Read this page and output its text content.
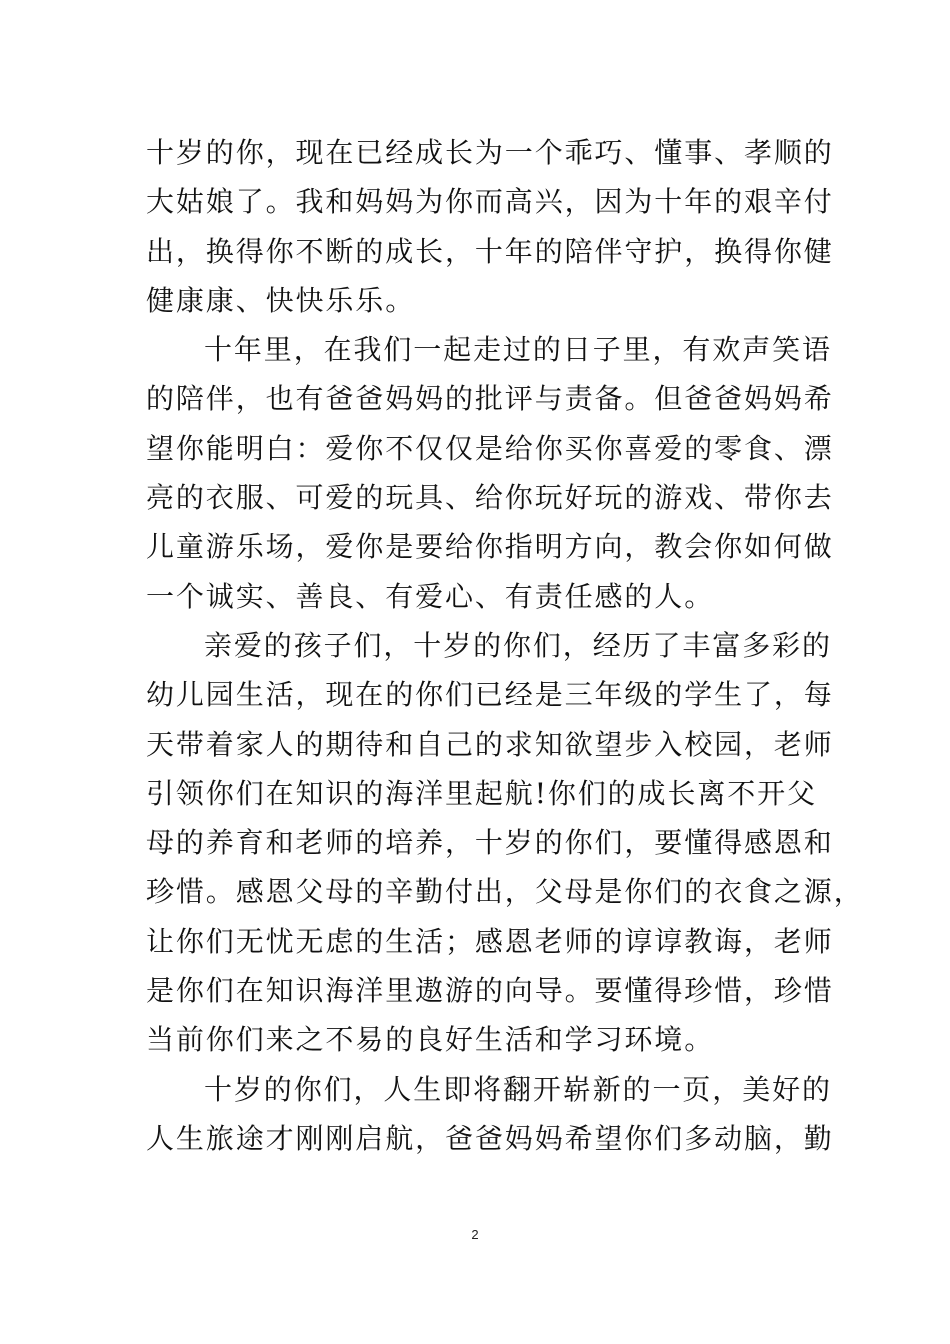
十岁的你，现在已经成长为一个乖巧、懂事、孝顺的
大姑娘了。我和妈妈为你而高兴，因为十年的艰辛付
出，换得你不断的成长，十年的陪伴守护，换得你健
健康康、快快乐乐。
十年里，在我们一起走过的日子里，有欢声笑语
的陪伴，也有爸爸妈妈的批评与责备。但爸爸妈妈希
望你能明白：爱你不仅仅是给你买你喜爱的零食、漂
亮的衣服、可爱的玩具、给你玩好玩的游戏、带你去
儿童游乐场，爱你是要给你指明方向，教会你如何做
一个诚实、善良、有爱心、有责任感的人。
亲爱的孩子们，十岁的你们，经历了丰富多彩的
幼儿园生活，现在的你们已经是三年级的学生了，每
天带着家人的期待和自己的求知欲望步入校园，老师
引领你们在知识的海洋里起航!你们的成长离不开父
母的养育和老师的培养，十岁的你们，要懂得感恩和
珍惜。感恩父母的辛勤付出，父母是你们的衣食之源，
让你们无忧无虑的生活；感恩老师的谆谆教诲，老师
是你们在知识海洋里遨游的向导。要懂得珍惜，珍惜
当前你们来之不易的良好生活和学习环境。
十岁的你们，人生即将翻开崭新的一页，美好的
人生旅途才刚刚启航，爸爸妈妈希望你们多动脑，勤
2
